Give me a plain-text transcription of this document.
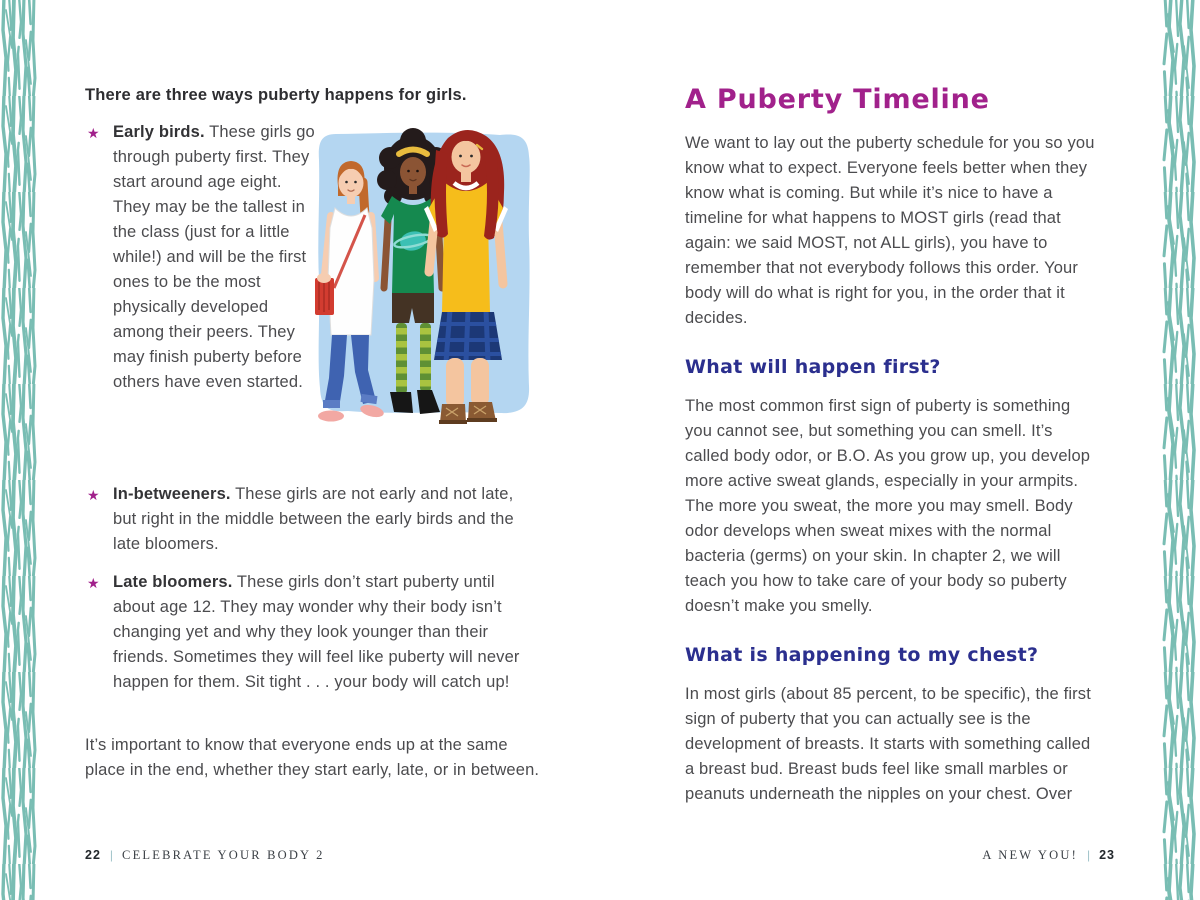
There are three ways puberty happens for girls.
★ Early birds. These girls go through puberty first. They start around age eight. They may be the tallest in the class (just for a little while!) and will be the first ones to be the most physically developed among their peers. They may finish puberty before others have even started.

★ In-betweeners. These girls are not early and not late, but right in the middle between the early birds and the late bloomers.

★ Late bloomers. These girls don’t start puberty until about age 12. They may wonder why their body isn’t changing yet and why they look younger than their friends. Sometimes they will feel like puberty will never happen for them. Sit tight . . . your body will catch up!

It’s important to know that everyone ends up at the same place in the end, whether they start early, late, or in between.

22 | CELEBRATE YOUR BODY 2
A Puberty Timeline

We want to lay out the puberty schedule for you so you know what to expect. Everyone feels better when they know what is coming. But while it’s nice to have a timeline for what happens to MOST girls (read that again: we said MOST, not ALL girls), you have to remember that not everybody follows this order. Your body will do what is right for you, in the order that it decides.

What will happen first?

The most common first sign of puberty is something you cannot see, but something you can smell. It’s called body odor, or B.O. As you grow up, you develop more active sweat glands, especially in your armpits. The more you sweat, the more you may smell. Body odor develops when sweat mixes with the normal bacteria (germs) on your skin. In chapter 2, we will teach you how to take care of your body so puberty doesn’t make you smelly.

What is happening to my chest?

In most girls (about 85 percent, to be specific), the first sign of puberty that you can actually see is the development of breasts. It starts with something called a breast bud. Breast buds feel like small marbles or peanuts underneath the nipples on your chest. Over

A NEW YOU! | 23
